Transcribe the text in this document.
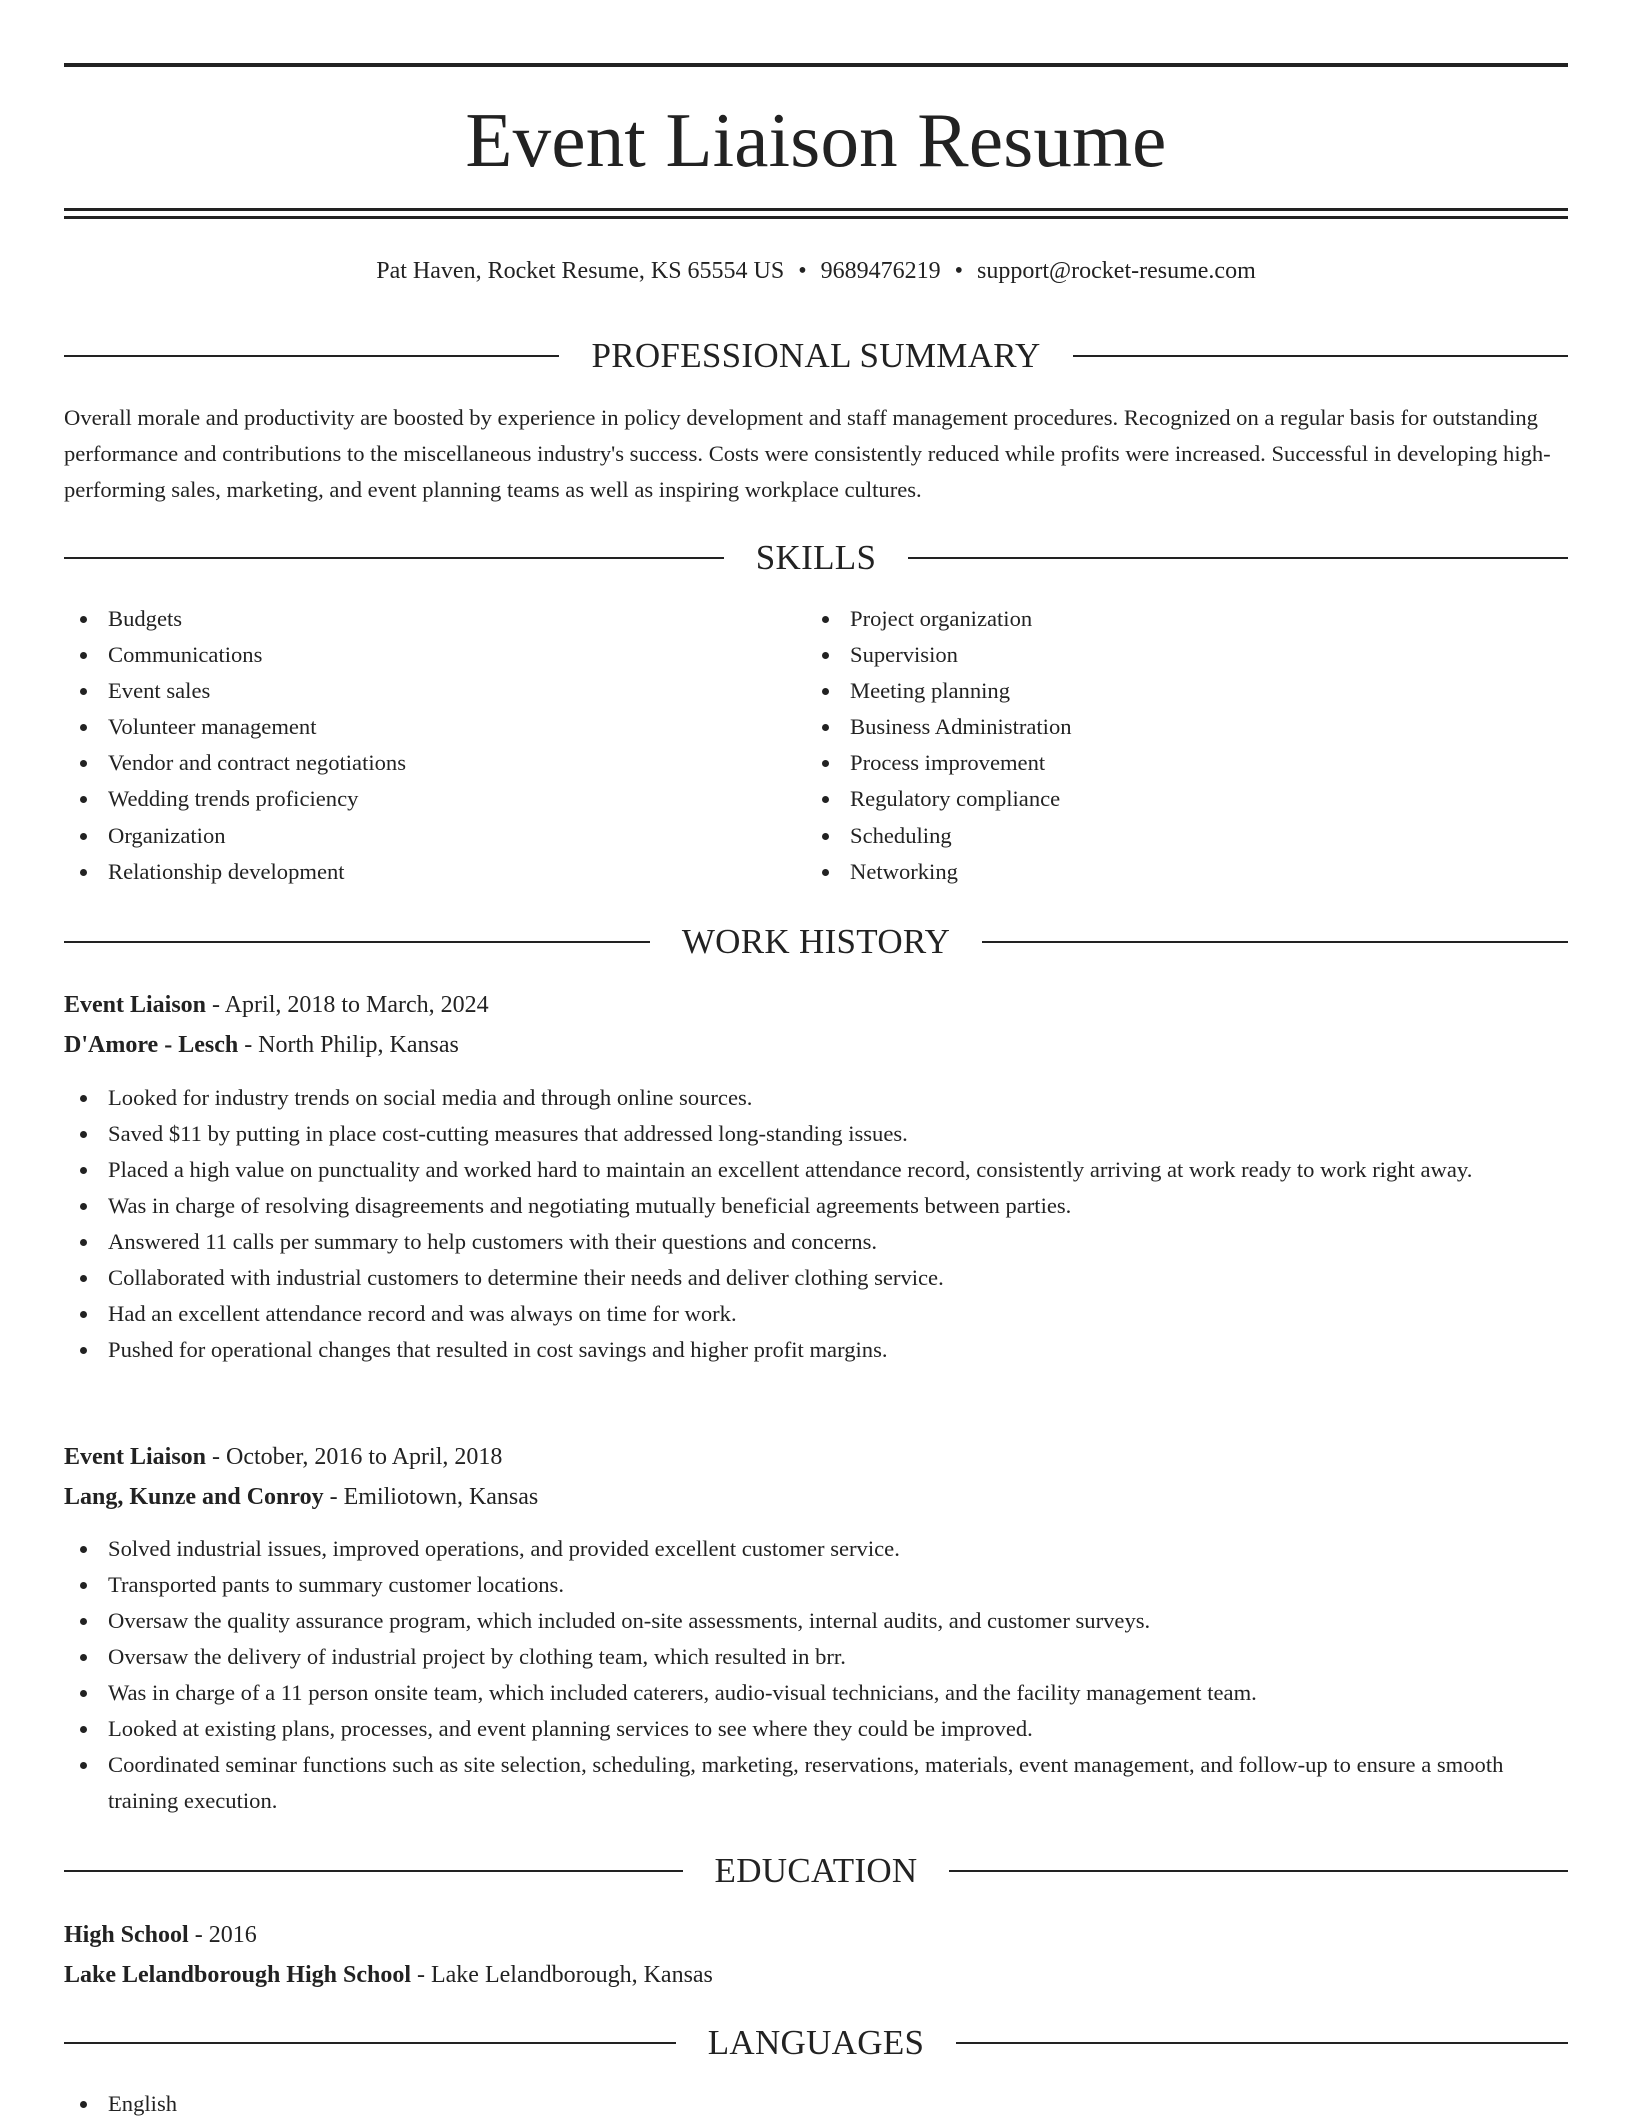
Event Liaison Resume
Pat Haven, Rocket Resume, KS 65554 US • 9689476219 • support@rocket-resume.com
PROFESSIONAL SUMMARY
Overall morale and productivity are boosted by experience in policy development and staff management procedures. Recognized on a regular basis for outstanding performance and contributions to the miscellaneous industry's success. Costs were consistently reduced while profits were increased. Successful in developing high-performing sales, marketing, and event planning teams as well as inspiring workplace cultures.
SKILLS
Budgets
Communications
Event sales
Volunteer management
Vendor and contract negotiations
Wedding trends proficiency
Organization
Relationship development
Project organization
Supervision
Meeting planning
Business Administration
Process improvement
Regulatory compliance
Scheduling
Networking
WORK HISTORY
Event Liaison - April, 2018 to March, 2024
D'Amore - Lesch - North Philip, Kansas
Looked for industry trends on social media and through online sources.
Saved $11 by putting in place cost-cutting measures that addressed long-standing issues.
Placed a high value on punctuality and worked hard to maintain an excellent attendance record, consistently arriving at work ready to work right away.
Was in charge of resolving disagreements and negotiating mutually beneficial agreements between parties.
Answered 11 calls per summary to help customers with their questions and concerns.
Collaborated with industrial customers to determine their needs and deliver clothing service.
Had an excellent attendance record and was always on time for work.
Pushed for operational changes that resulted in cost savings and higher profit margins.
Event Liaison - October, 2016 to April, 2018
Lang, Kunze and Conroy - Emiliotown, Kansas
Solved industrial issues, improved operations, and provided excellent customer service.
Transported pants to summary customer locations.
Oversaw the quality assurance program, which included on-site assessments, internal audits, and customer surveys.
Oversaw the delivery of industrial project by clothing team, which resulted in brr.
Was in charge of a 11 person onsite team, which included caterers, audio-visual technicians, and the facility management team.
Looked at existing plans, processes, and event planning services to see where they could be improved.
Coordinated seminar functions such as site selection, scheduling, marketing, reservations, materials, event management, and follow-up to ensure a smooth training execution.
EDUCATION
High School - 2016
Lake Lelandborough High School - Lake Lelandborough, Kansas
LANGUAGES
English
